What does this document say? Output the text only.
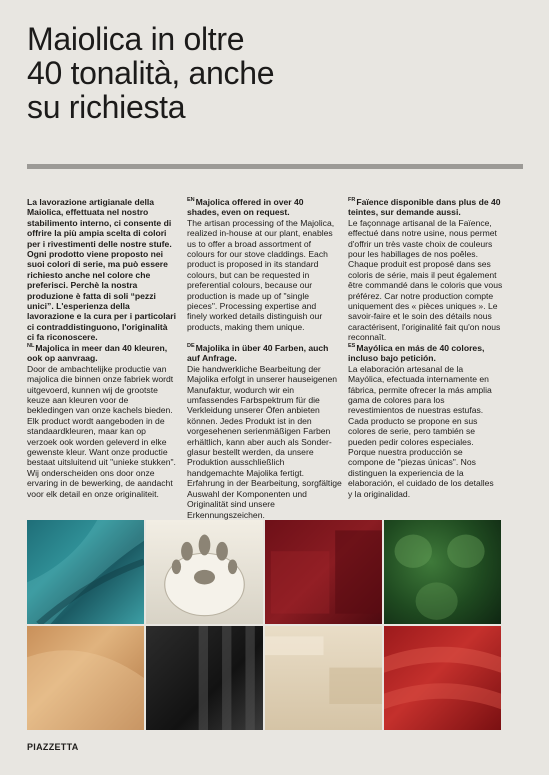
Maiolica in oltre
40 tonalità, anche
su richiesta

La lavorazione artigianale della Maiolica, effettuata nel nostro stabilimento interno, ci consente di offrire la più ampia scelta di colori per i rivestimenti delle nostre stufe. Ogni prodotto viene proposto nei suoi colori di serie, ma può essere richiesto anche nel colore che preferisci. Perchè la nostra produzione è fatta di soli “pezzi unici”. L'esperienza della lavorazione e la cura per i particolari ci contraddistinguono, l'originalità ci fa riconoscere.

$^{NL}$Majolica in meer dan 40 kleuren, ook op aanvraag.

Door de ambachtelijke productie van majolica die binnen onze fabriek wordt uitgevoerd, kunnen wij de grootste keuze aan kleuren voor de bekledingen van onze kachels bieden. Elk product wordt aangeboden in de standaardkleuren, maar kan op verzoek ook worden geleverd in elke gewenste kleur. Want onze productie bestaat uitsluitend uit "unieke stukken". Wij onderscheiden ons door onze ervaring in de bewerking, de aandacht voor elk detail en onze originaliteit.

$^{EN}$Majolica offered in over 40 shades, even on request.

The artisan processing of the Majolica, realized in-house at our plant, enables us to offer a broad assortment of colours for our stove claddings. Each product is proposed in its standard colours, but can be requested in preferential colours, because our production is made up of "single pieces". Processing expertise and finely worked details distinguish our products, making them unique.

$^{DE}$Majolika in über 40 Farben, auch auf Anfrage.

Die handwerkliche Bearbeitung der Majolika erfolgt in unserer hauseigenen Manufaktur, wodurch wir ein umfassendes Farbspektrum für die Verkleidung unserer Öfen anbieten können. Jedes Produkt ist in den vorgesehenen serienmäßigen Farben erhältlich, kann aber auch als Sonder-glasur bestellt werden, da unsere Produktion ausschließlich handgemachte Majolika fertigt. Erfahrung in der Bearbeitung, sorgfältige Auswahl der Komponenten und Originalität sind unsere Erkennungszeichen.

$^{FR}$Faïence disponible dans plus de 40 teintes, sur demande aussi.

Le façonnage artisanal de la Faïence, effectué dans notre usine, nous permet d'offrir un très vaste choix de couleurs pour les habillages de nos poêles. Chaque produit est proposé dans ses coloris de série, mais il peut également être commandé dans le coloris que vous préférez. Car notre production compte uniquement des « pièces uniques ». Le savoir-faire et le soin des détails nous caractérisent, l'originalité fait qu'on nous reconnaît.

$^{ES}$Mayólica en más de 40 colores, incluso bajo petición.

La elaboración artesanal de la Mayólica, efectuada internamente en fábrica, permite ofrecer la más amplia gama de colores para los revestimientos de nuestras estufas. Cada producto se propone en sus colores de serie, pero también se pueden pedir colores especiales. Porque nuestra producción se compone de "piezas únicas". Nos distinguen la experiencia de la elaboración, el cuidado de los detalles y la originalidad.

PIAZZETTA
